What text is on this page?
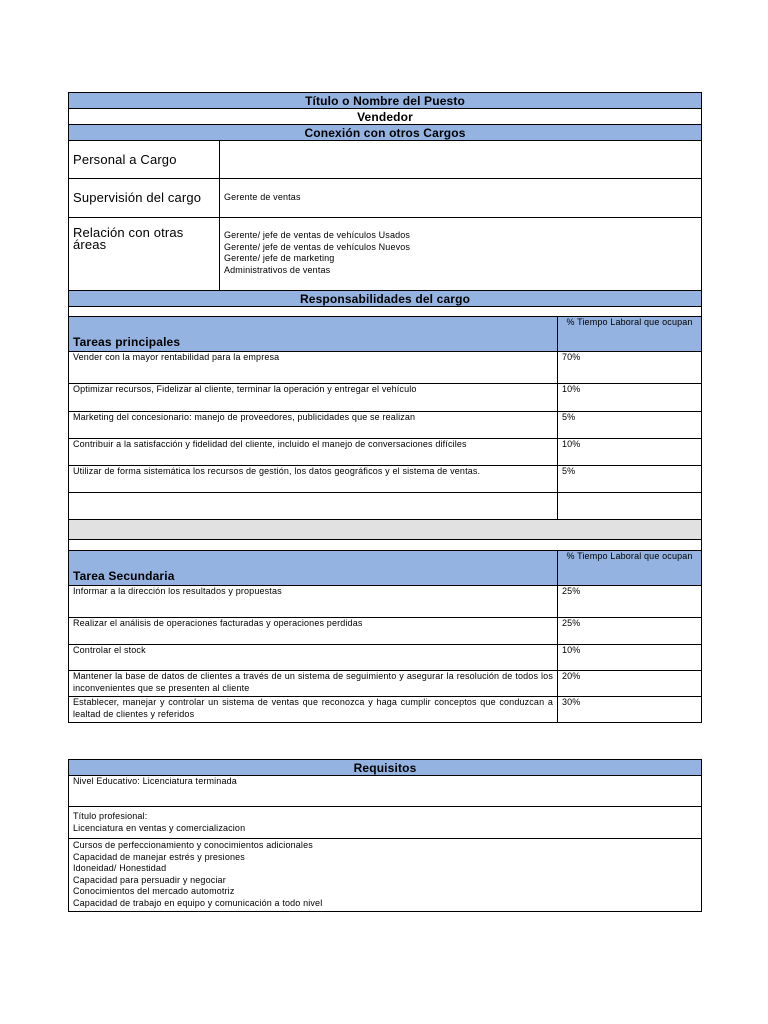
Título o Nombre del Puesto		
Vendedor		
Conexión con otros Cargos		
Personal a Cargo		
Supervisión del cargo	Gerente de ventas	
Relación con otras áreas	Gerente/ jefe de ventas de vehículos Usados
Gerente/ jefe de ventas de vehículos Nuevos
Gerente/ jefe de marketing
Administrativos de ventas	

Responsabilidades del cargo		

Tareas principales		% Tiempo Laboral que ocupan
Vender con la mayor rentabilidad para la empresa		70%
Optimizar recursos, Fidelizar al cliente, terminar la operación y entregar el vehículo		10%
Marketing del concesionario: manejo de proveedores, publicidades que se realizan		5%
Contribuir a la satisfacción y fidelidad del cliente, incluido el manejo de conversaciones difíciles		10%
Utilizar de forma sistemática los recursos de gestión, los datos geográficos y el sistema de ventas.		5%

Tarea Secundaria		% Tiempo Laboral que ocupan
Informar a la dirección los resultados y propuestas		25%
Realizar el análisis de operaciones facturadas y operaciones perdidas		25%
Controlar el stock		10%
Mantener la base de datos de clientes a través de un sistema de seguimiento y asegurar la resolución de todos los inconvenientes que se presenten al cliente		20%
Establecer, manejar y controlar un sistema de ventas que reconozca y haga cumplir conceptos que conduzcan a lealtad de clientes y referidos		30%
Requisitos
Nivel Educativo: Licenciatura terminada

Título profesional:
Licenciatura en ventas y comercializacion

Cursos de perfeccionamiento y conocimientos adicionales
Capacidad de manejar estrés y presiones
Idoneidad/ Honestidad
Capacidad para persuadir y negociar
Conocimientos del mercado automotriz
Capacidad de trabajo en equipo y comunicación a todo nivel
